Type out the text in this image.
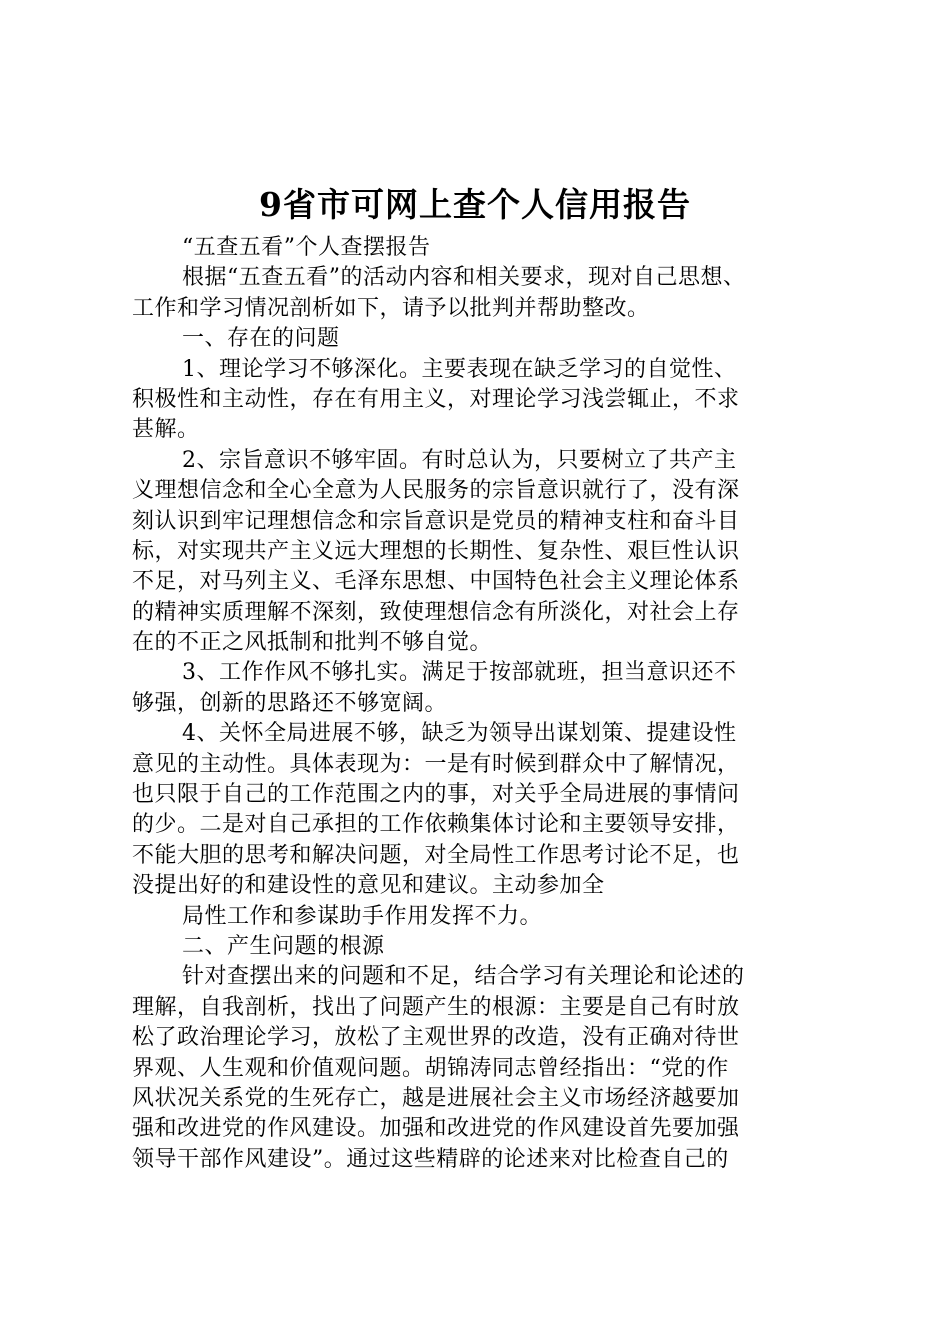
9省市可网上查个人信用报告
“五查五看”个人查摆报告
根据“五查五看”的活动内容和相关要求，现对自己思想、
工作和学习情况剖析如下，请予以批判并帮助整改。
一、存在的问题
1、理论学习不够深化。主要表现在缺乏学习的自觉性、
积极性和主动性，存在有用主义，对理论学习浅尝辄止，不求
甚解。
2、宗旨意识不够牢固。有时总认为，只要树立了共产主
义理想信念和全心全意为人民服务的宗旨意识就行了，没有深
刻认识到牢记理想信念和宗旨意识是党员的精神支柱和奋斗目
标，对实现共产主义远大理想的长期性、复杂性、艰巨性认识
不足，对马列主义、毛泽东思想、中国特色社会主义理论体系
的精神实质理解不深刻，致使理想信念有所淡化，对社会上存
在的不正之风抵制和批判不够自觉。
3、工作作风不够扎实。满足于按部就班，担当意识还不
够强，创新的思路还不够宽阔。
4、关怀全局进展不够，缺乏为领导出谋划策、提建设性
意见的主动性。具体表现为：一是有时候到群众中了解情况，
也只限于自己的工作范围之内的事，对关乎全局进展的事情问
的少。二是对自己承担的工作依赖集体讨论和主要领导安排，
不能大胆的思考和解决问题，对全局性工作思考讨论不足，也
没提出好的和建设性的意见和建议。主动参加全
局性工作和参谋助手作用发挥不力。
二、产生问题的根源
针对查摆出来的问题和不足，结合学习有关理论和论述的
理解，自我剖析，找出了问题产生的根源：主要是自己有时放
松了政治理论学习，放松了主观世界的改造，没有正确对待世
界观、人生观和价值观问题。胡锦涛同志曾经指出：“党的作
风状况关系党的生死存亡，越是进展社会主义市场经济越要加
强和改进党的作风建设。加强和改进党的作风建设首先要加强
领导干部作风建设”。通过这些精辟的论述来对比检查自己的
